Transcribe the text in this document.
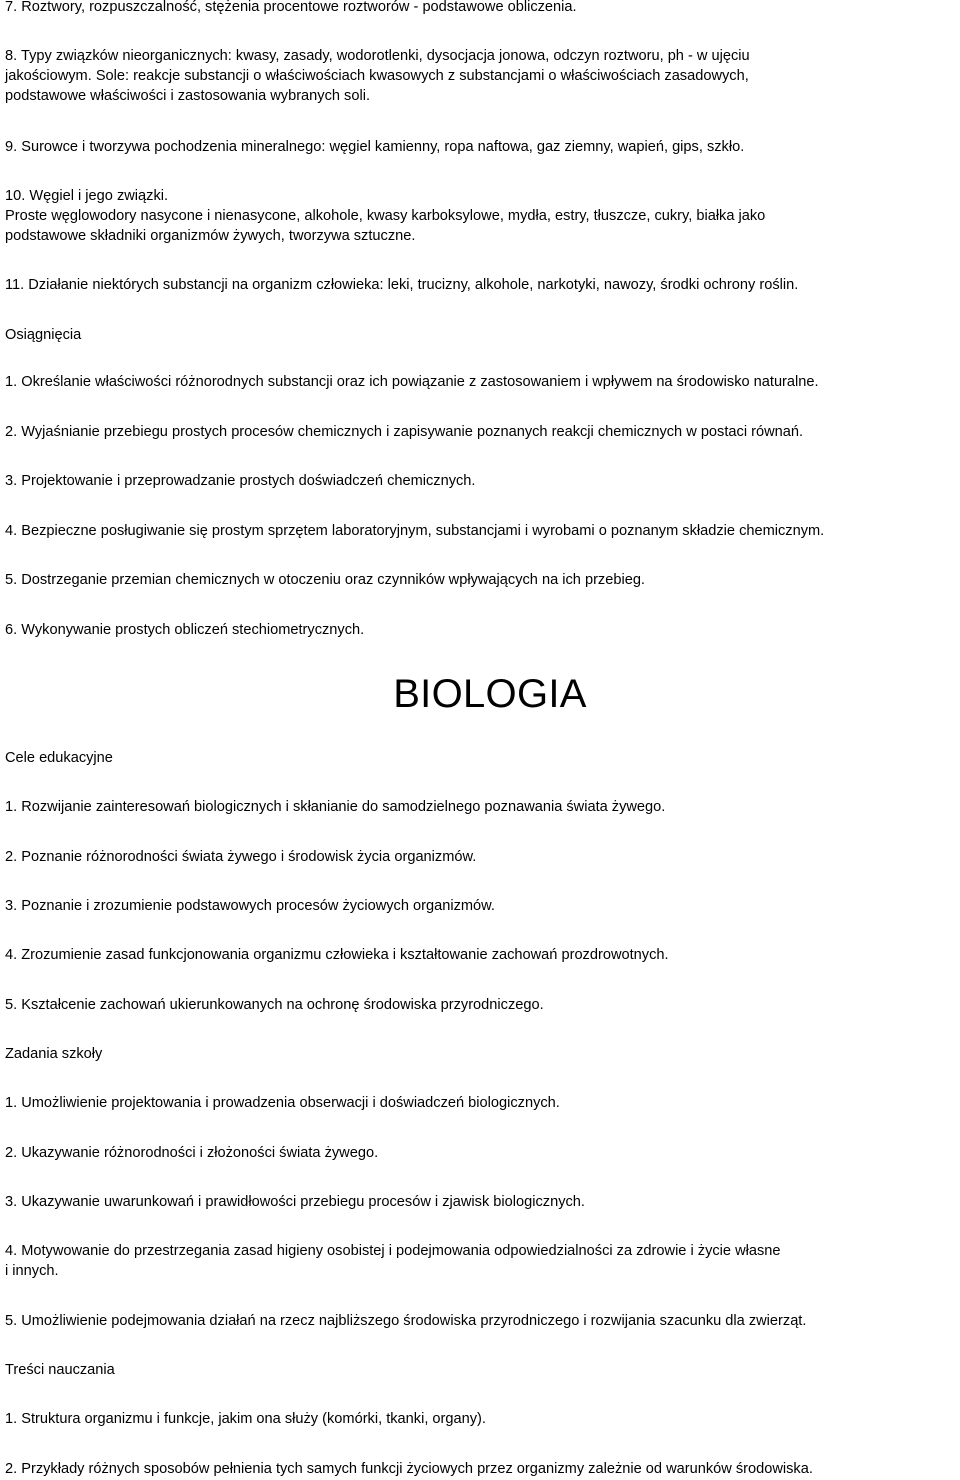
7. Roztwory, rozpuszczalność, stężenia procentowe roztworów - podstawowe obliczenia.
8. Typy związków nieorganicznych: kwasy, zasady, wodorotlenki, dysocjacja jonowa, odczyn roztworu, ph - w ujęciu
jakościowym. Sole: reakcje substancji o właściwościach kwasowych z substancjami o właściwościach zasadowych,
podstawowe właściwości i zastosowania wybranych soli.
9. Surowce i tworzywa pochodzenia mineralnego: węgiel kamienny, ropa naftowa, gaz ziemny, wapień, gips, szkło.
10. Węgiel i jego związki.
Proste węglowodory nasycone i nienasycone, alkohole, kwasy karboksylowe, mydła, estry, tłuszcze, cukry, białka jako
podstawowe składniki organizmów żywych, tworzywa sztuczne.
11. Działanie niektórych substancji na organizm człowieka: leki, trucizny, alkohole, narkotyki, nawozy, środki ochrony roślin.
Osiągnięcia
1. Określanie właściwości różnorodnych substancji oraz ich powiązanie z zastosowaniem i wpływem na środowisko naturalne.
2. Wyjaśnianie przebiegu prostych procesów chemicznych i zapisywanie poznanych reakcji chemicznych w postaci równań.
3. Projektowanie i przeprowadzanie prostych doświadczeń chemicznych.
4. Bezpieczne posługiwanie się prostym sprzętem laboratoryjnym, substancjami i wyrobami o poznanym składzie chemicznym.
5. Dostrzeganie przemian chemicznych w otoczeniu oraz czynników wpływających na ich przebieg.
6. Wykonywanie prostych obliczeń stechiometrycznych.
BIOLOGIA
Cele edukacyjne
1. Rozwijanie zainteresowań biologicznych i skłanianie do samodzielnego poznawania świata żywego.
2. Poznanie różnorodności świata żywego i środowisk życia organizmów.
3. Poznanie i zrozumienie podstawowych procesów życiowych organizmów.
4. Zrozumienie zasad funkcjonowania organizmu człowieka i kształtowanie zachowań prozdrowotnych.
5. Kształcenie zachowań ukierunkowanych na ochronę środowiska przyrodniczego.
Zadania szkoły
1. Umożliwienie projektowania i prowadzenia obserwacji i doświadczeń biologicznych.
2. Ukazywanie różnorodności i złożoności świata żywego.
3. Ukazywanie uwarunkowań i prawidłowości przebiegu procesów i zjawisk biologicznych.
4. Motywowanie do przestrzegania zasad higieny osobistej i podejmowania odpowiedzialności za zdrowie i życie własne
i innych.
5. Umożliwienie podejmowania działań na rzecz najbliższego środowiska przyrodniczego i rozwijania szacunku dla zwierząt.
Treści nauczania
1. Struktura organizmu i funkcje, jakim ona służy (komórki, tkanki, organy).
2. Przykłady różnych sposobów pełnienia tych samych funkcji życiowych przez organizmy zależnie od warunków środowiska.
